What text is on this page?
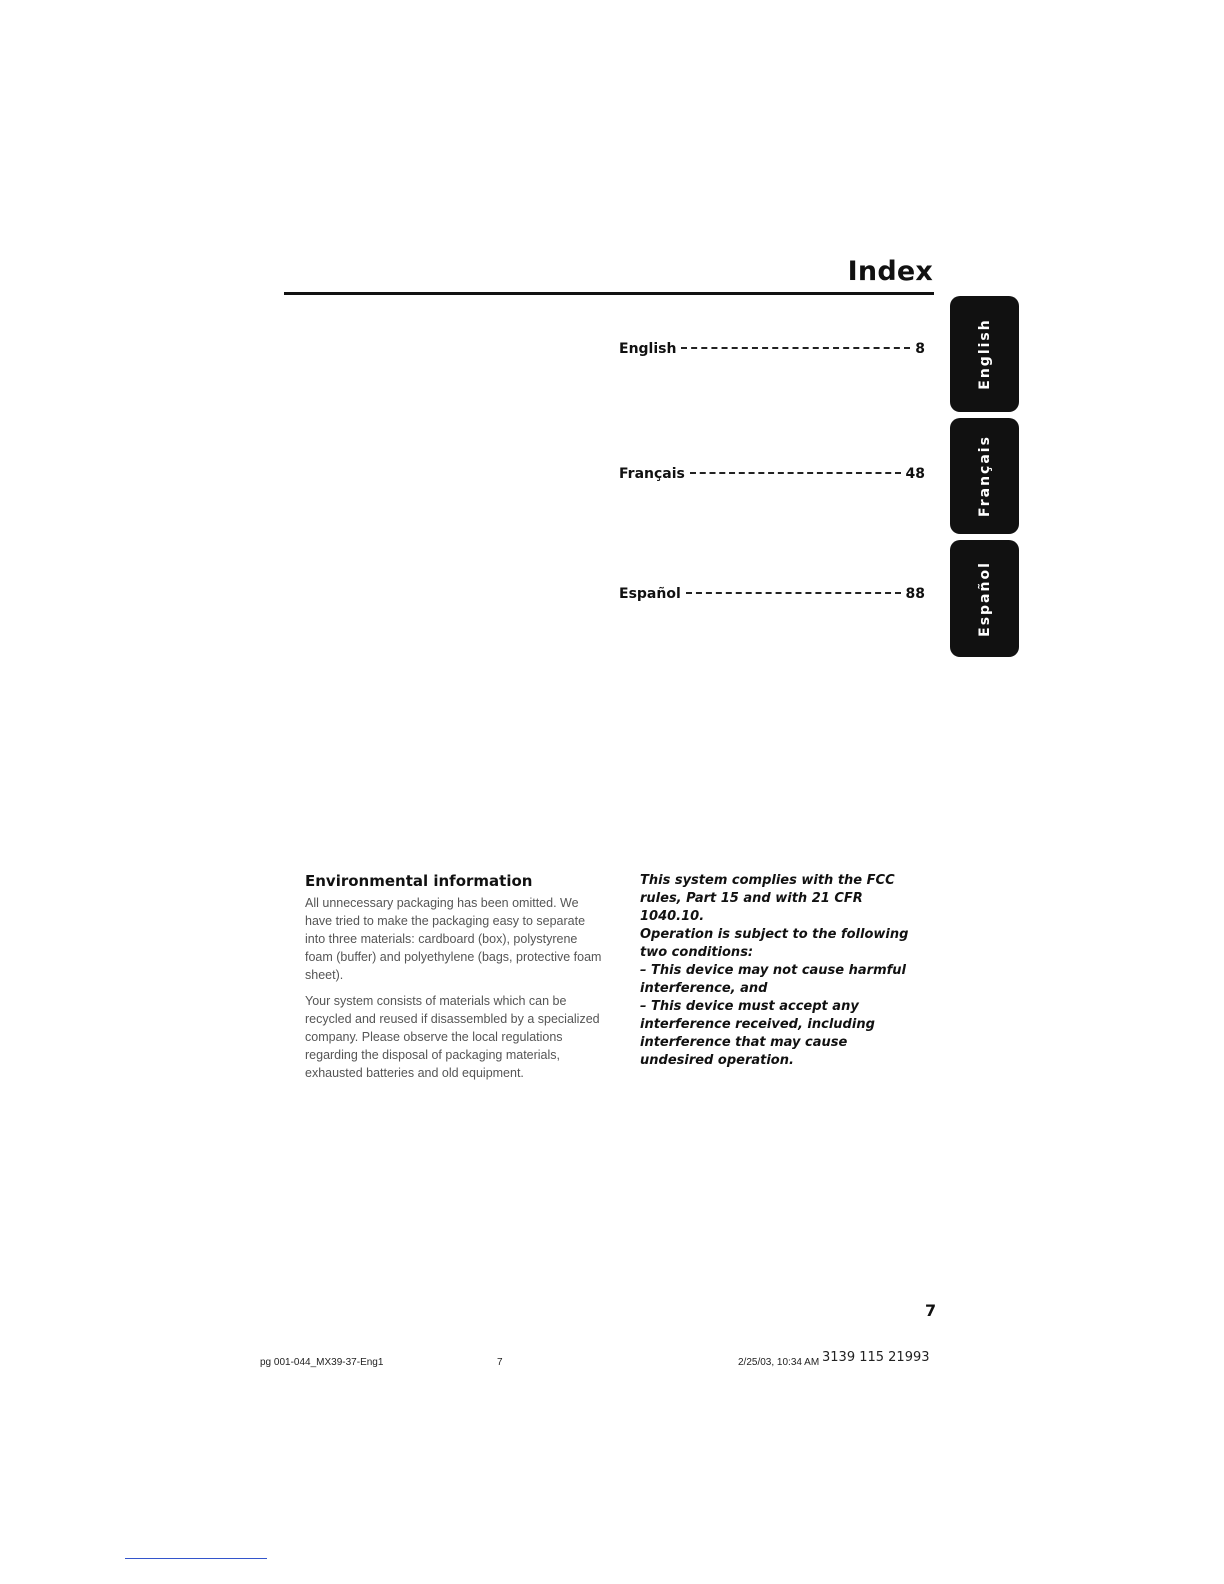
Index
English	8
Français	48
Español	88
English
Français
Español
Environmental information

All unnecessary packaging has been omitted. We have tried to make the packaging easy to separate into three materials: cardboard (box), polystyrene foam (buffer) and polyethylene (bags, protective foam sheet).

Your system consists of materials which can be recycled and reused if disassembled by a specialized company. Please observe the local regulations regarding the disposal of packaging materials, exhausted batteries and old equipment.

This system complies with the FCC rules, Part 15 and with 21 CFR 1040.10.

Operation is subject to the following two conditions:

– This device may not cause harmful interference, and

– This device must accept any interference received, including interference that may cause undesired operation.

7
pg 001-044_MX39-37-Eng1	7	2/25/03, 10:34 AM 3139 115 21993
